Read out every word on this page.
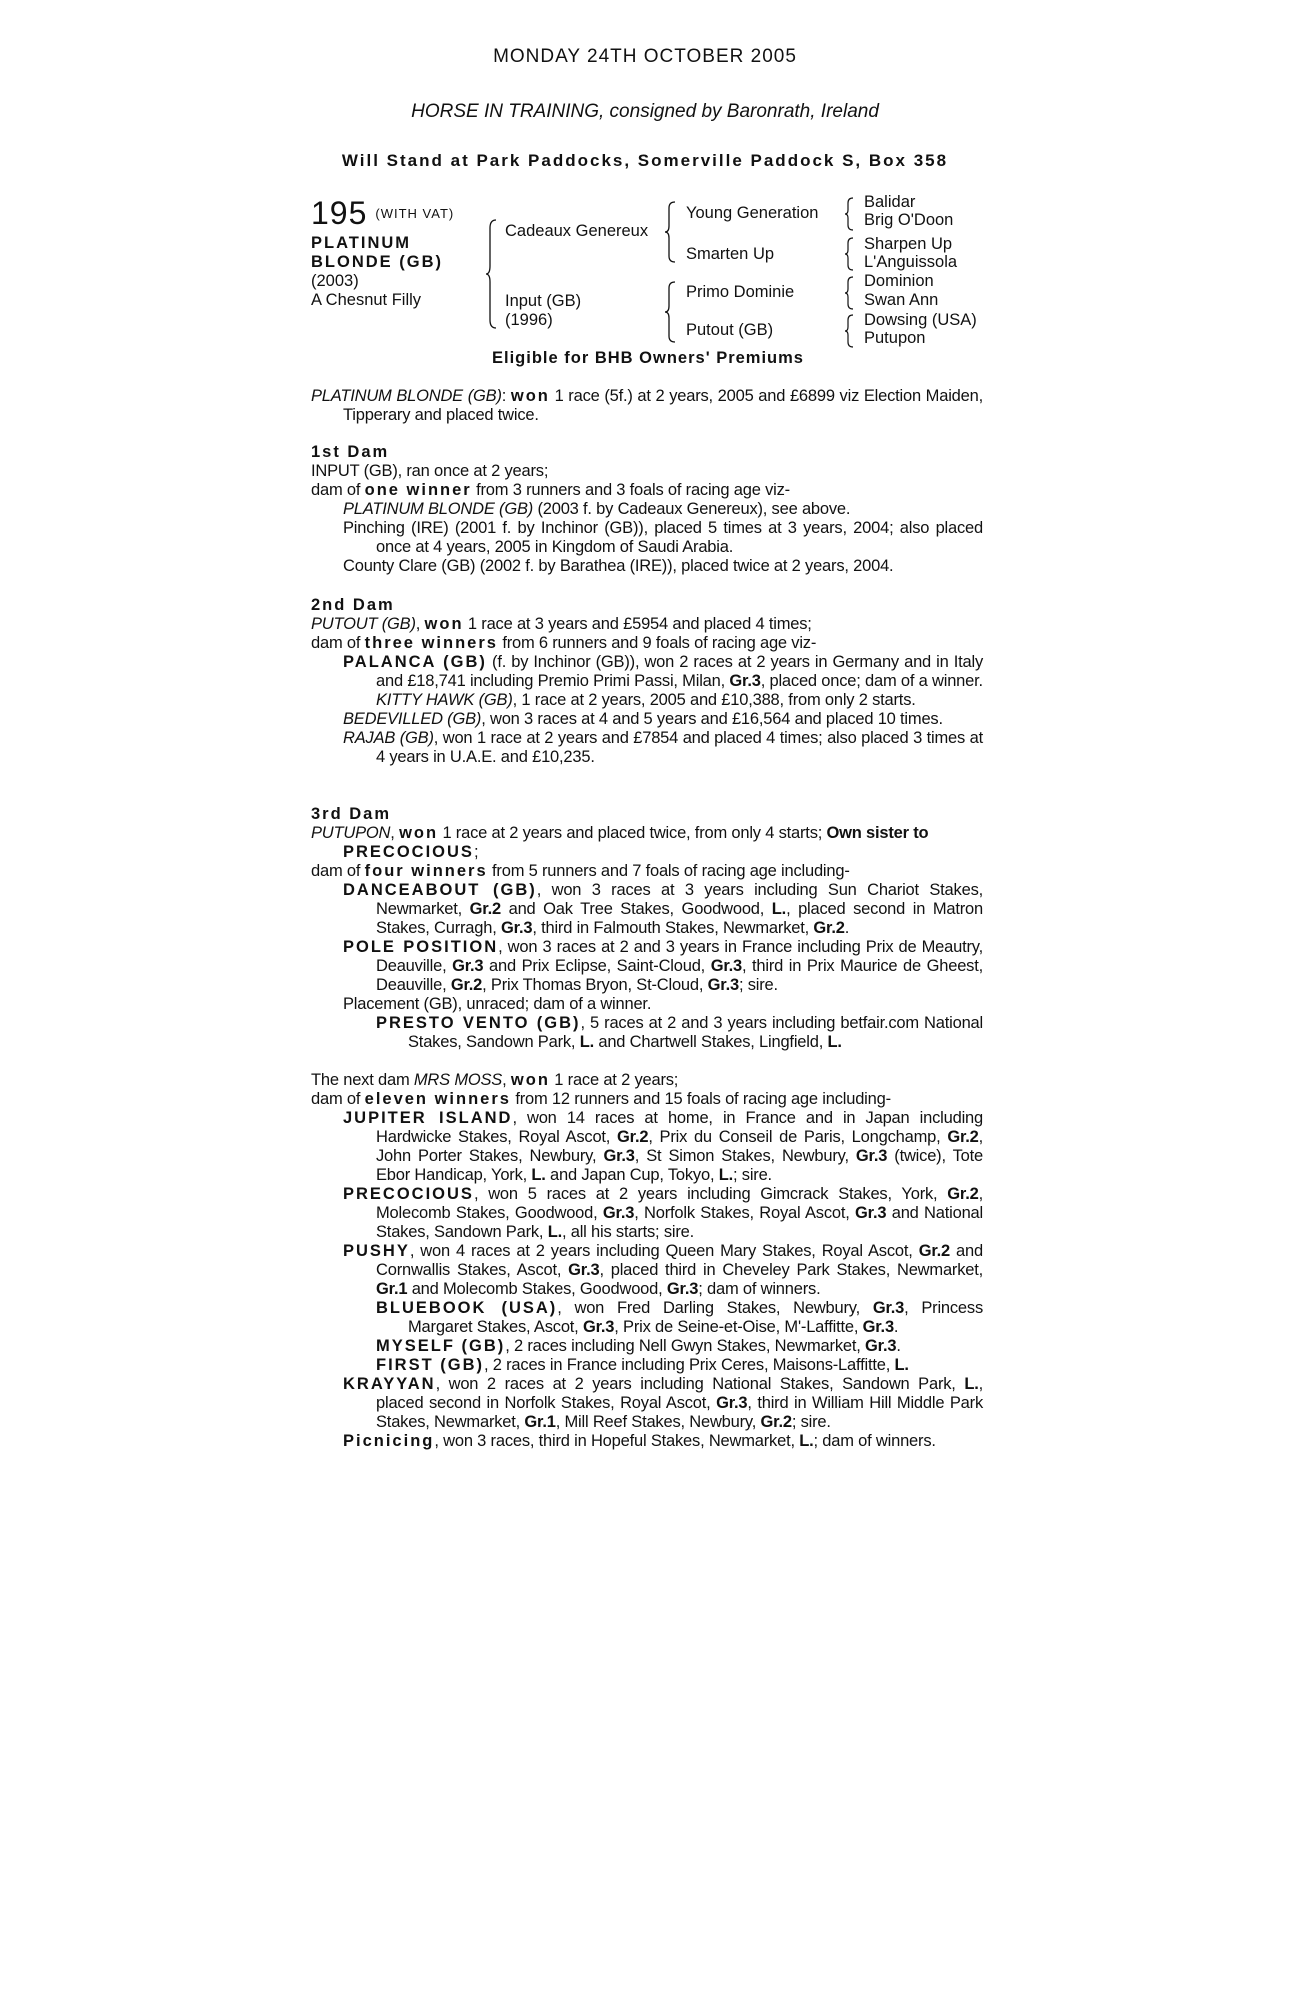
MONDAY 24TH OCTOBER 2005
HORSE IN TRAINING, consigned by Baronrath, Ireland
Will Stand at Park Paddocks, Somerville Paddock S, Box 358
195 $^{(WITH VAT)}$
PLATINUM
BLONDE (GB)
(2003)
A Chesnut Filly
Cadeaux Genereux
Input (GB)
(1996)
Young Generation
Smarten Up
Primo Dominie
Putout (GB)
Balidar
Brig O'Doon
Sharpen Up
L'Anguissola
Dominion
Swan Ann
Dowsing (USA)
Putupon
Eligible for BHB Owners' Premiums
PLATINUM BLONDE (GB): won 1 race (5f.) at 2 years, 2005 and £6899 viz Election Maiden, Tipperary and placed twice.
1st Dam
INPUT (GB), ran once at 2 years;
dam of one winner from 3 runners and 3 foals of racing age viz-
PLATINUM BLONDE (GB) (2003 f. by Cadeaux Genereux), see above.
Pinching (IRE) (2001 f. by Inchinor (GB)), placed 5 times at 3 years, 2004; also placed once at 4 years, 2005 in Kingdom of Saudi Arabia.
County Clare (GB) (2002 f. by Barathea (IRE)), placed twice at 2 years, 2004.
2nd Dam
PUTOUT (GB), won 1 race at 3 years and £5954 and placed 4 times;
dam of three winners from 6 runners and 9 foals of racing age viz-
PALANCA (GB) (f. by Inchinor (GB)), won 2 races at 2 years in Germany and in Italy and £18,741 including Premio Primi Passi, Milan, Gr.3, placed once; dam of a winner.
KITTY HAWK (GB), 1 race at 2 years, 2005 and £10,388, from only 2 starts.
BEDEVILLED (GB), won 3 races at 4 and 5 years and £16,564 and placed 10 times.
RAJAB (GB), won 1 race at 2 years and £7854 and placed 4 times; also placed 3 times at 4 years in U.A.E. and £10,235.
3rd Dam
PUTUPON, won 1 race at 2 years and placed twice, from only 4 starts; Own sister to
PRECOCIOUS;
dam of four winners from 5 runners and 7 foals of racing age including-
DANCEABOUT (GB), won 3 races at 3 years including Sun Chariot Stakes, Newmarket, Gr.2 and Oak Tree Stakes, Goodwood, L., placed second in Matron Stakes, Curragh, Gr.3, third in Falmouth Stakes, Newmarket, Gr.2.
POLE POSITION, won 3 races at 2 and 3 years in France including Prix de Meautry, Deauville, Gr.3 and Prix Eclipse, Saint-Cloud, Gr.3, third in Prix Maurice de Gheest, Deauville, Gr.2, Prix Thomas Bryon, St-Cloud, Gr.3; sire.
Placement (GB), unraced; dam of a winner.
PRESTO VENTO (GB), 5 races at 2 and 3 years including betfair.com National Stakes, Sandown Park, L. and Chartwell Stakes, Lingfield, L.
The next dam MRS MOSS, won 1 race at 2 years;
dam of eleven winners from 12 runners and 15 foals of racing age including-
JUPITER ISLAND, won 14 races at home, in France and in Japan including Hardwicke Stakes, Royal Ascot, Gr.2, Prix du Conseil de Paris, Longchamp, Gr.2, John Porter Stakes, Newbury, Gr.3, St Simon Stakes, Newbury, Gr.3 (twice), Tote Ebor Handicap, York, L. and Japan Cup, Tokyo, L.; sire.
PRECOCIOUS, won 5 races at 2 years including Gimcrack Stakes, York, Gr.2, Molecomb Stakes, Goodwood, Gr.3, Norfolk Stakes, Royal Ascot, Gr.3 and National Stakes, Sandown Park, L., all his starts; sire.
PUSHY, won 4 races at 2 years including Queen Mary Stakes, Royal Ascot, Gr.2 and Cornwallis Stakes, Ascot, Gr.3, placed third in Cheveley Park Stakes, Newmarket, Gr.1 and Molecomb Stakes, Goodwood, Gr.3; dam of winners.
BLUEBOOK (USA), won Fred Darling Stakes, Newbury, Gr.3, Princess Margaret Stakes, Ascot, Gr.3, Prix de Seine-et-Oise, M'-Laffitte, Gr.3.
MYSELF (GB), 2 races including Nell Gwyn Stakes, Newmarket, Gr.3.
FIRST (GB), 2 races in France including Prix Ceres, Maisons-Laffitte, L.
KRAYYAN, won 2 races at 2 years including National Stakes, Sandown Park, L., placed second in Norfolk Stakes, Royal Ascot, Gr.3, third in William Hill Middle Park Stakes, Newmarket, Gr.1, Mill Reef Stakes, Newbury, Gr.2; sire.
Picnicing, won 3 races, third in Hopeful Stakes, Newmarket, L.; dam of winners.
